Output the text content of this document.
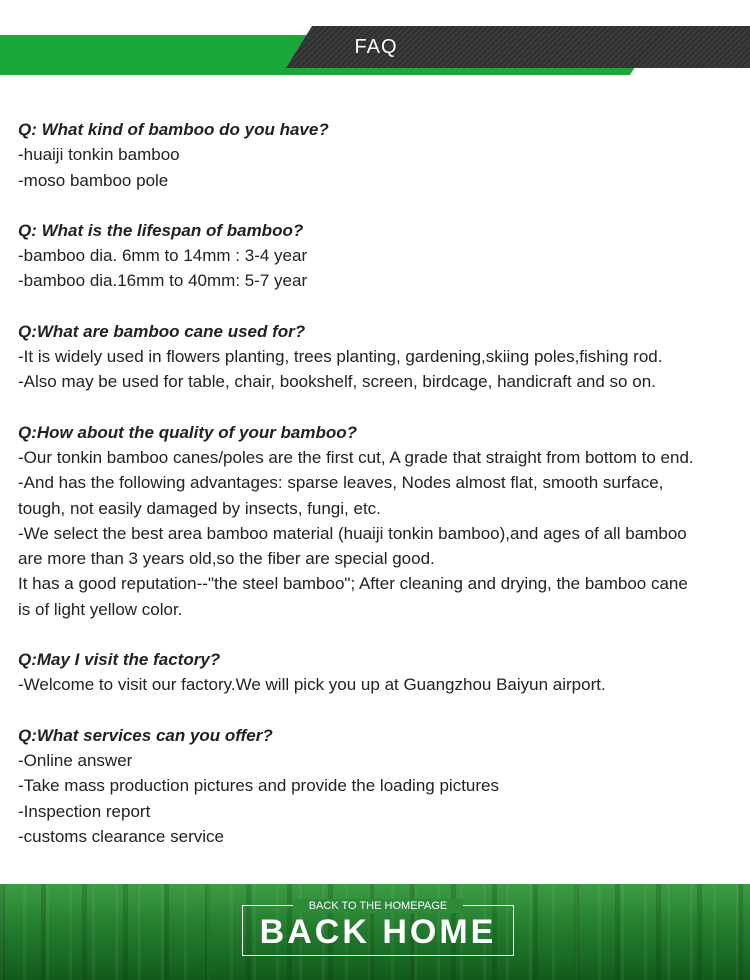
FAQ

Q: What kind of bamboo do you have?

-huaiji tonkin bamboo
-moso bamboo pole

Q: What is the lifespan of bamboo?

-bamboo dia. 6mm to 14mm : 3-4 year
-bamboo dia.16mm to 40mm: 5-7 year

Q:What are bamboo cane used for?

-It is widely used in flowers planting, trees planting, gardening,skiing poles,fishing rod.
-Also may be used for table, chair, bookshelf, screen, birdcage, handicraft and so on.

Q:How about the quality of your bamboo?

-Our tonkin bamboo canes/poles are the first cut, A grade that straight from bottom to end.
-And has the following advantages: sparse leaves, Nodes almost flat, smooth surface,
tough, not easily damaged by insects, fungi, etc.
-We select the best area bamboo material (huaiji tonkin bamboo),and ages of all bamboo
are more than 3 years old,so the fiber are special good.
It has a good reputation--"the steel bamboo"; After cleaning and drying, the bamboo cane
is of light yellow color.

Q:May I visit the factory?

-Welcome to visit our factory.We will pick you up at Guangzhou Baiyun airport.

Q:What services can you offer?

-Online answer
-Take mass production pictures and provide the loading pictures
-Inspection report
-customs clearance service

BACK TO THE HOMEPAGE
BACK HOME
